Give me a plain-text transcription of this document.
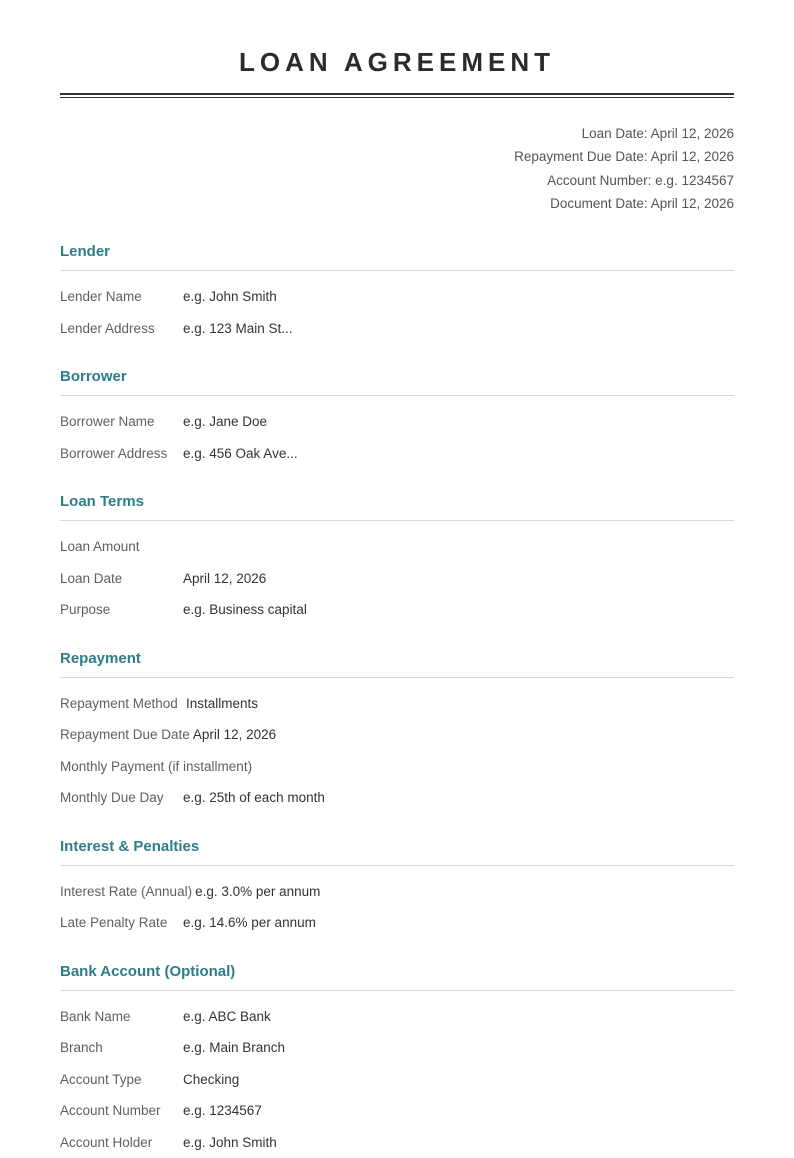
LOAN AGREEMENT
Loan Date: April 12, 2026
Repayment Due Date: April 12, 2026
Account Number: e.g. 1234567
Document Date: April 12, 2026
Lender
Lender Name	e.g. John Smith
Lender Address	e.g. 123 Main St...
Borrower
Borrower Name	e.g. Jane Doe
Borrower Address	e.g. 456 Oak Ave...
Loan Terms
Loan Amount
Loan Date	April 12, 2026
Purpose	e.g. Business capital
Repayment
Repayment Method Installments
Repayment Due Date April 12, 2026
Monthly Payment (if installment)
Monthly Due Day	e.g. 25th of each month
Interest & Penalties
Interest Rate (Annual) e.g. 3.0% per annum
Late Penalty Rate	e.g. 14.6% per annum
Bank Account (Optional)
Bank Name	e.g. ABC Bank
Branch	e.g. Main Branch
Account Type	Checking
Account Number	e.g. 1234567
Account Holder	e.g. John Smith
